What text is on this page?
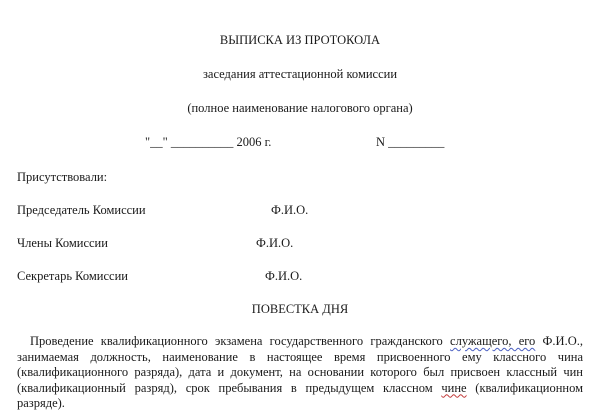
ВЫПИСКА ИЗ ПРОТОКОЛА
заседания аттестационной комиссии
(полное наименование налогового органа)
"__" __________ 2006 г.	N _________
Присутствовали:
Председатель Комиссии	Ф.И.О.
Члены Комиссии	Ф.И.О.
Секретарь Комиссии	Ф.И.О.
ПОВЕСТКА ДНЯ
Проведение квалификационного экзамена государственного гражданского служащего, его Ф.И.О., занимаемая должность, наименование в настоящее время присвоенного ему классного чина (квалификационного разряда), дата и документ, на основании которого был присвоен классный чин (квалификационный разряд), срок пребывания в предыдущем классном чине (квалификационном разряде).
